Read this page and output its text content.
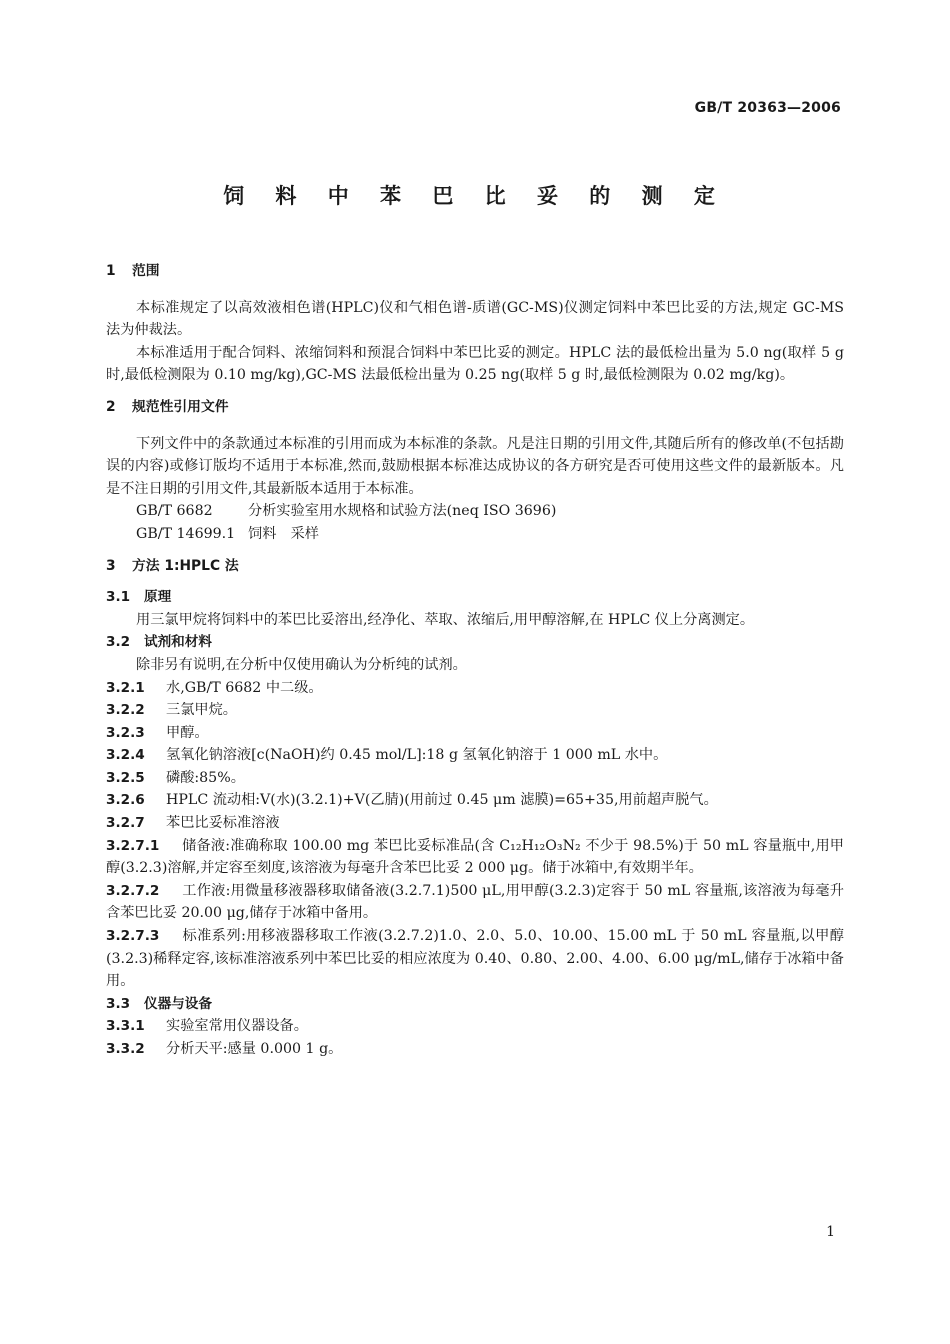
GB/T 20363—2006
饲 料 中 苯 巴 比 妥 的 测 定
1 范围

本标准规定了以高效液相色谱(HPLC)仪和气相色谱-质谱(GC-MS)仪测定饲料中苯巴比妥的方法,规定 GC-MS 法为仲裁法。

本标准适用于配合饲料、浓缩饲料和预混合饲料中苯巴比妥的测定。HPLC 法的最低检出量为 5.0 ng(取样 5 g 时,最低检测限为 0.10 mg/kg),GC-MS 法最低检出量为 0.25 ng(取样 5 g 时,最低检测限为 0.02 mg/kg)。

2 规范性引用文件

下列文件中的条款通过本标准的引用而成为本标准的条款。凡是注日期的引用文件,其随后所有的修改单(不包括勘误的内容)或修订版均不适用于本标准,然而,鼓励根据本标准达成协议的各方研究是否可使用这些文件的最新版本。凡是不注日期的引用文件,其最新版本适用于本标准。

GB/T 6682 分析实验室用水规格和试验方法(neq ISO 3696)

GB/T 14699.1 饲料　采样

3 方法 1:HPLC 法
3.1 原理

用三氯甲烷将饲料中的苯巴比妥溶出,经净化、萃取、浓缩后,用甲醇溶解,在 HPLC 仪上分离测定。

3.2 试剂和材料

除非另有说明,在分析中仅使用确认为分析纯的试剂。

3.2.1 水,GB/T 6682 中二级。
3.2.2 三氯甲烷。
3.2.3 甲醇。
3.2.4 氢氧化钠溶液[c(NaOH)约 0.45 mol/L]:18 g 氢氧化钠溶于 1 000 mL 水中。
3.2.5 磷酸:85%。
3.2.6 HPLC 流动相:V(水)(3.2.1)+V(乙腈)(用前过 0.45 μm 滤膜)=65+35,用前超声脱气。
3.2.7 苯巴比妥标准溶液
3.2.7.1 储备液:准确称取 100.00 mg 苯巴比妥标准品(含 C₁₂H₁₂O₃N₂ 不少于 98.5%)于 50 mL 容量瓶中,用甲醇(3.2.3)溶解,并定容至刻度,该溶液为每毫升含苯巴比妥 2 000 μg。储于冰箱中,有效期半年。
3.2.7.2 工作液:用微量移液器移取储备液(3.2.7.1)500 μL,用甲醇(3.2.3)定容于 50 mL 容量瓶,该溶液为每毫升含苯巴比妥 20.00 μg,储存于冰箱中备用。
3.2.7.3 标准系列:用移液器移取工作液(3.2.7.2)1.0、2.0、5.0、10.00、15.00 mL 于 50 mL 容量瓶,以甲醇(3.2.3)稀释定容,该标准溶液系列中苯巴比妥的相应浓度为 0.40、0.80、2.00、4.00、6.00 μg/mL,储存于冰箱中备用。
3.3 仪器与设备
3.3.1 实验室常用仪器设备。
3.3.2 分析天平:感量 0.000 1 g。
1
